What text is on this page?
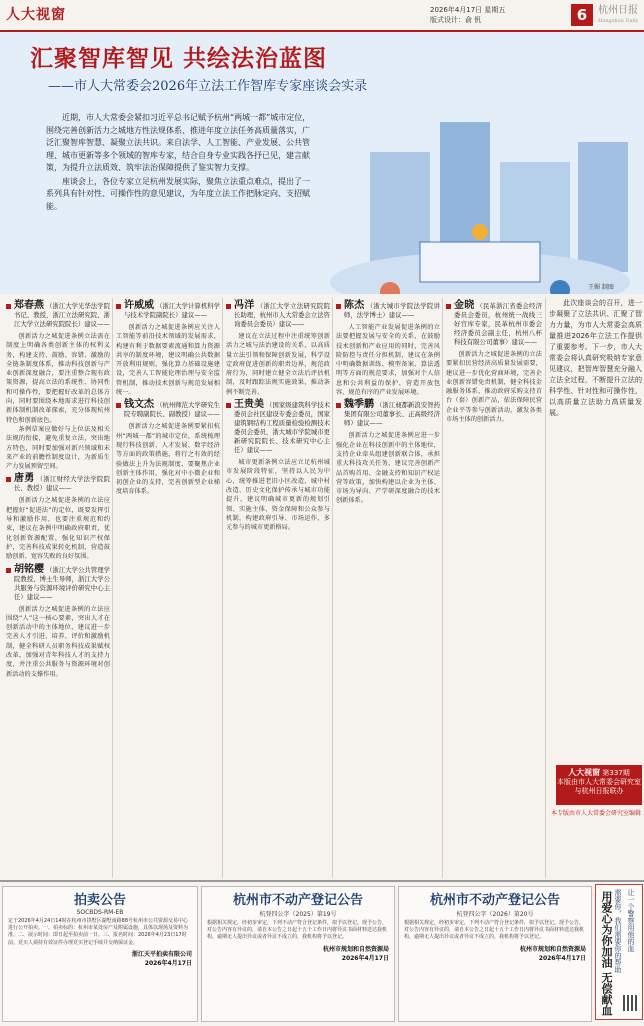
人大视窗	2026年4月17日 星期五
版式设计：俞 钒	6	杭州日报
Hangzhou Daily
汇聚智库智见 共绘法治蓝图
——市人大常委会2026年立法工作智库专家座谈会实录

近期，市人大常委会紧扣习近平总书记赋予杭州“两城一都”城市定位，围绕完善创新活力之城地方性法规体系、推进年度立法任务高质量落实，广泛汇聚智库智慧、凝聚立法共识。来自法学、人工智能、产业发展、公共管理、城市更新等多个领域的智库专家，结合自身专业实践各抒已见，建言献策，为提升立法质效、筑牢法治保障提供了鉴实智力支撑。

座谈会上，各位专家立足杭州发展实际，聚焦立法重点难点，提出了一系列具有针对性、可操作性的意见建议，为年度立法工作把脉定向、支招赋能。

王媚 制图
郑春燕 （浙江大学光华法学院书记、教授，浙江立法研究院、浙江大学立法研究院院长）建议——

创新活力之城促进条例立法需在制度上明确各类创新主体的权利义务，构建支持、鼓励、容错、激励的全链条制度体系，推动科技创新与产业创新深度融合，要注重整合现有政策资源，提高立法的系统性、协同性和可操作性，要把握好改革的总体方向，同时要围绕本地需求进行科技创新体制机制改革探索，充分体现杭州特色和创新底色。

条例草案应做好与上位法及相关法规的衔接，避免重复立法，突出地方特色，同时要加强对新兴领域和未来产业的前瞻性制度设计，为新质生产力发展预留空间。

唐勇 （浙江财经大学法学院院长、教授）建议——

创新活力之城促进条例的立法应把握好“促进法”的定位，既要发挥引导和激励作用，也要注重规范和约束，建议在条例中明确政府职责，优化创新资源配置，强化知识产权保护，完善科技成果转化机制，营造鼓励创新、宽容失败的良好氛围。

胡铭樱 （浙江大学公共管理学院教授、博士生导师，浙江大学公共服务与资源环境评价研究中心主任）建议——

创新活力之城促进条例的立法应围绕“人”这一核心要素，突出人才在创新活动中的主体地位，建议进一步完善人才引进、培养、评价和激励机制，健全科研人员职务科技成果赋权改革，加强对青年科技人才的支持力度，并注重公共服务与资源环境对创新活动的支撑作用。

许威威 （浙江大学计算机科学与技术学院副院长）建议——

创新活力之城促进条例应关注人工智能等前沿技术领域的发展需求，构建有利于数据要素流通和算力资源共享的制度环境，建议明确公共数据开放利用规则，强化算力基础设施建设，完善人工智能伦理治理与安全监管机制，推动技术创新与规范发展相统一。

钱文杰 （杭州师范大学研究生院专聘副院长、副教授）建议——

创新活力之城促进条例要紧扣杭州“两城一都”的城市定位，系统梳理现行科技创新、人才发展、数字经济等方面的政策措施，将行之有效的经验做法上升为法规制度，要聚焦企业创新主体作用，强化对中小微企业和初创企业的支持，完善创新型企业梯度培育体系。

冯洋 （浙江大学立法研究院院长助理，杭州市人大常委会立法咨询委员会委员）建议——

建议在立法过程中注重统筹创新活力之城与法治建设的关系，以高质量立法引领和保障创新发展，科学设定政府促进创新的职责边界，规范政府行为，同时建立健全立法后评估机制，及时跟踪法规实施效果，推动条例不断完善。

王贵美 （国家级建筑科学技术委员会社区建设专委会委员，国家建筑钢结构工程质量检验检测技术委员会委员，浙大城市学院城市更新研究院院长、技术研究中心主任）建议——

城市更新条例立法应立足杭州城市发展阶段特征，坚持以人民为中心，统筹推进老旧小区改造、城中村改造、历史文化保护传承与城市功能提升，建议明确城市更新的规划引领、实施主体、资金保障和公众参与机制，构建政府引导、市场运作、多元参与的城市更新格局。

陈杰 （浙大城市学院法学院讲师，法学博士）建议——

人工智能产业发展促进条例的立法要把握发展与安全的关系，在鼓励技术创新和产业应用的同时，完善风险防控与责任分担机制，建议在条例中明确数据训练、模型备案、算法透明等方面的规范要求，加强对个人信息和公共利益的保护，营造开放包容、规范有序的产业发展环境。

魏季鹏 （浙江昶都新浪安智药集团有限公司董事长、正高级经济师）建议——

创新活力之城促进条例应进一步强化企业在科技创新中的主体地位，支持企业牵头组建创新联合体，承担重大科技攻关任务，建议完善创新产品首购首用、金融支持和知识产权运营等政策，加快构建以企业为主体、市场为导向、产学研深度融合的技术创新体系。

金晓 （民革浙江省委会经济委员会委员，杭州统一战线三好宫库专家，民革杭州市委会经济委员会副主任，杭州八杯科技有限公司董事）建议——

创新活力之城促进条例的立法要紧扣民营经济高质量发展需要，建议进一步优化营商环境，完善企业创新容错免责机制，健全科技金融服务体系，推动政府采购支持首台（套）创新产品，依法保障民营企业平等参与创新活动，激发各类市场主体的创新活力。

此次座谈会的召开，进一步凝聚了立法共识、汇聚了智力力量，为市人大常委会高质量推进2026年立法工作提供了重要参考。下一步，市人大常委会将认真研究吸纳专家意见建议，把智库智慧充分融入立法全过程，不断提升立法的科学性、针对性和可操作性，以高质量立法助力高质量发展。

人大视窗 第337期
本版由市人大常委会研究室与杭州日报联办
本专版由市人大常委会研究室编辑
拍卖公告
SOCBDS-RM-EB
定于2026年4月24日14时在杭州市拱墅区湖墅南路88号杭州市公共资源交易中心进行公开拍卖。一、拍卖标的：杭州市某处房产及附属设施，具体以现场及资料为准。二、展示时间：即日起至拍卖前一日。三、报名时间：2026年4月23日17时前。竞买人须持有效证件办理竞买登记手续并交纳保证金。
浙江天平拍卖有限公司
2026年4月17日
杭州市不动产登记公告
杭登四公字（2025）第19号
根据相关规定，经初步审定，下列不动产符合登记条件，拟予以登记。现予公告，对公告内容有异议的，请自本公告之日起十五个工作日内将异议书面材料送达我机构。逾期无人提出异议或者异议不成立的，我机构将予以登记。
杭州市规划和自然资源局
2026年4月17日
杭州市不动产登记公告
杭登四公字（2026）第20号
根据相关规定，经初步审定，下列不动产符合登记条件，拟予以登记。现予公告，对公告内容有异议的，请自本公告之日起十五个工作日内将异议书面材料送达我机构，逾期无人提出异议或者异议不成立的，我机构将予以登记。
杭州市规划和自然资源局
2026年4月17日
让一个警察用他的血
需要你，我们需要你的帮助
用爱心为你加油 无偿献血
